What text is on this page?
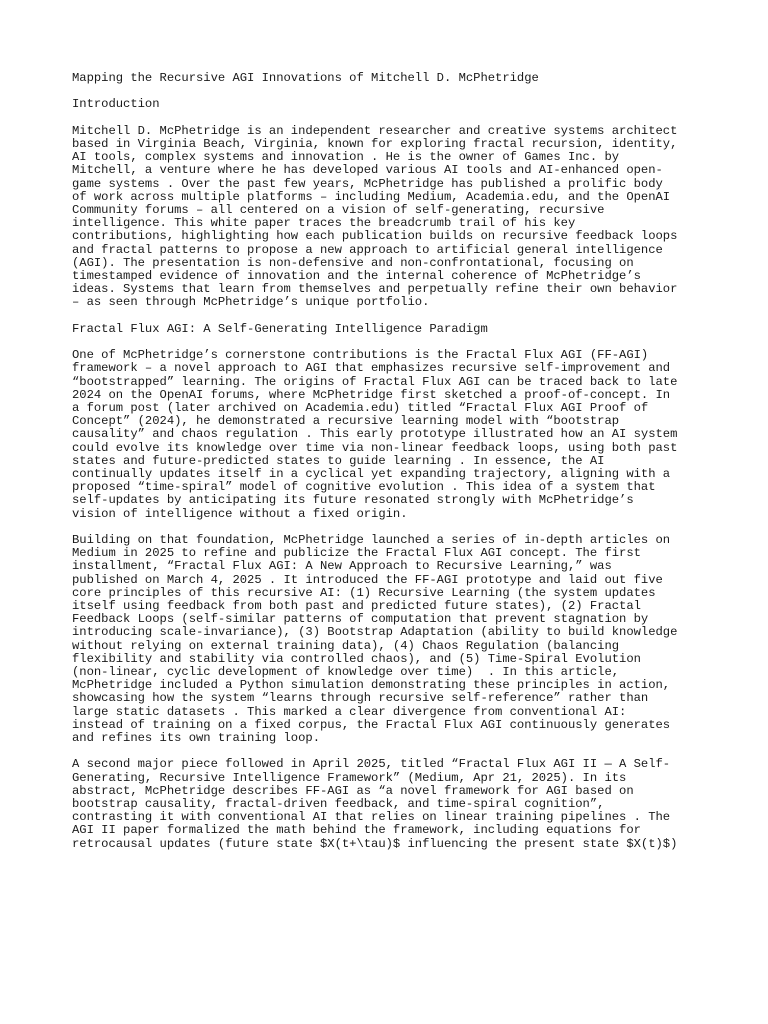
Mapping the Recursive AGI Innovations of Mitchell D. McPhetridge

Introduction

Mitchell D. McPhetridge is an independent researcher and creative systems architect
based in Virginia Beach, Virginia, known for exploring fractal recursion, identity,
AI tools, complex systems and innovation . He is the owner of Games Inc. by
Mitchell, a venture where he has developed various AI tools and AI-enhanced open-
game systems . Over the past few years, McPhetridge has published a prolific body
of work across multiple platforms – including Medium, Academia.edu, and the OpenAI
Community forums – all centered on a vision of self-generating, recursive
intelligence. This white paper traces the breadcrumb trail of his key
contributions, highlighting how each publication builds on recursive feedback loops
and fractal patterns to propose a new approach to artificial general intelligence
(AGI). The presentation is non-defensive and non-confrontational, focusing on
timestamped evidence of innovation and the internal coherence of McPhetridge’s
ideas. Systems that learn from themselves and perpetually refine their own behavior
– as seen through McPhetridge’s unique portfolio.

Fractal Flux AGI: A Self-Generating Intelligence Paradigm

One of McPhetridge’s cornerstone contributions is the Fractal Flux AGI (FF-AGI)
framework – a novel approach to AGI that emphasizes recursive self-improvement and
“bootstrapped” learning. The origins of Fractal Flux AGI can be traced back to late
2024 on the OpenAI forums, where McPhetridge first sketched a proof-of-concept. In
a forum post (later archived on Academia.edu) titled “Fractal Flux AGI Proof of
Concept” (2024), he demonstrated a recursive learning model with “bootstrap
causality” and chaos regulation . This early prototype illustrated how an AI system
could evolve its knowledge over time via non-linear feedback loops, using both past
states and future-predicted states to guide learning . In essence, the AI
continually updates itself in a cyclical yet expanding trajectory, aligning with a
proposed “time-spiral” model of cognitive evolution . This idea of a system that
self-updates by anticipating its future resonated strongly with McPhetridge’s
vision of intelligence without a fixed origin.

Building on that foundation, McPhetridge launched a series of in-depth articles on
Medium in 2025 to refine and publicize the Fractal Flux AGI concept. The first
installment, “Fractal Flux AGI: A New Approach to Recursive Learning,” was
published on March 4, 2025 . It introduced the FF-AGI prototype and laid out five
core principles of this recursive AI: (1) Recursive Learning (the system updates
itself using feedback from both past and predicted future states), (2) Fractal
Feedback Loops (self-similar patterns of computation that prevent stagnation by
introducing scale-invariance), (3) Bootstrap Adaptation (ability to build knowledge
without relying on external training data), (4) Chaos Regulation (balancing
flexibility and stability via controlled chaos), and (5) Time-Spiral Evolution
(non-linear, cyclic development of knowledge over time)  . In this article,
McPhetridge included a Python simulation demonstrating these principles in action,
showcasing how the system “learns through recursive self-reference” rather than
large static datasets . This marked a clear divergence from conventional AI:
instead of training on a fixed corpus, the Fractal Flux AGI continuously generates
and refines its own training loop.

A second major piece followed in April 2025, titled “Fractal Flux AGI II — A Self-
Generating, Recursive Intelligence Framework” (Medium, Apr 21, 2025). In its
abstract, McPhetridge describes FF-AGI as “a novel framework for AGI based on
bootstrap causality, fractal-driven feedback, and time-spiral cognition”,
contrasting it with conventional AI that relies on linear training pipelines . The
AGI II paper formalized the math behind the framework, including equations for
retrocausal updates (future state $X(t+\tau)$ influencing the present state $X(t)$)
